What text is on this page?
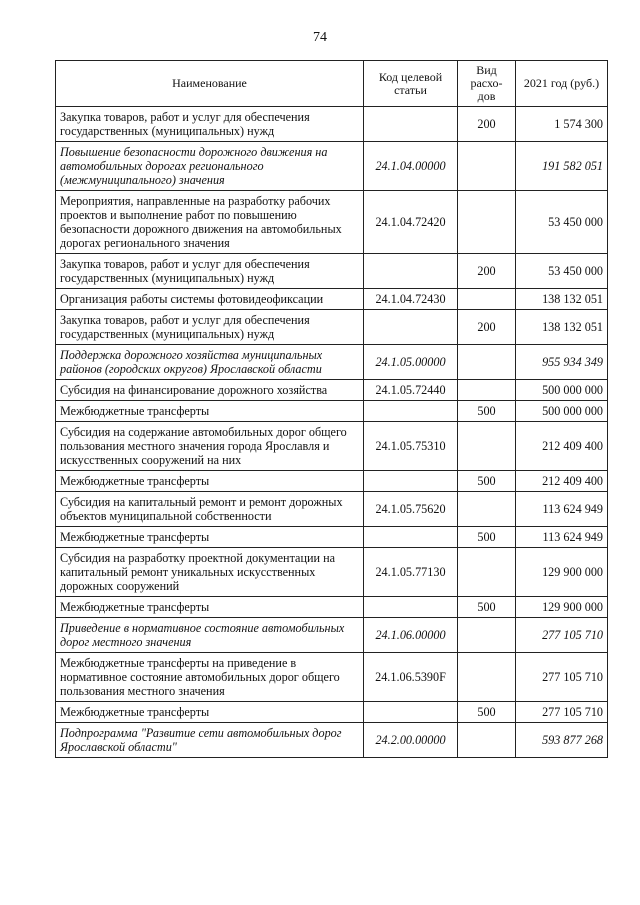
74
Наименование	Код целевой статьи	Вид расхо-дов	2021 год (руб.)
Закупка товаров, работ и услуг для обеспечения государственных (муниципальных) нужд		200	1 574 300
Повышение безопасности дорожного движения на автомобильных дорогах регионального (межмуниципального) значения	24.1.04.00000		191 582 051
Мероприятия, направленные на разработку рабочих проектов и выполнение работ по повышению безопасности дорожного движения на автомобильных дорогах регионального значения	24.1.04.72420		53 450 000
Закупка товаров, работ и услуг для обеспечения государственных (муниципальных) нужд		200	53 450 000
Организация работы системы фотовидеофиксации	24.1.04.72430		138 132 051
Закупка товаров, работ и услуг для обеспечения государственных (муниципальных) нужд		200	138 132 051
Поддержка дорожного хозяйства муниципальных районов (городских округов) Ярославской области	24.1.05.00000		955 934 349
Субсидия на финансирование дорожного хозяйства	24.1.05.72440		500 000 000
Межбюджетные трансферты		500	500 000 000
Субсидия на содержание автомобильных дорог общего пользования местного значения города Ярославля и искусственных сооружений на них	24.1.05.75310		212 409 400
Межбюджетные трансферты		500	212 409 400
Субсидия на капитальный ремонт и ремонт дорожных объектов муниципальной собственности	24.1.05.75620		113 624 949
Межбюджетные трансферты		500	113 624 949
Субсидия на разработку проектной документации на капитальный ремонт уникальных искусственных дорожных сооружений	24.1.05.77130		129 900 000
Межбюджетные трансферты		500	129 900 000
Приведение в нормативное состояние автомобильных дорог местного значения	24.1.06.00000		277 105 710
Межбюджетные трансферты на приведение в нормативное состояние автомобильных дорог общего пользования местного значения	24.1.06.5390F		277 105 710
Межбюджетные трансферты		500	277 105 710
Подпрограмма "Развитие сети автомобильных дорог Ярославской области"	24.2.00.00000		593 877 268
